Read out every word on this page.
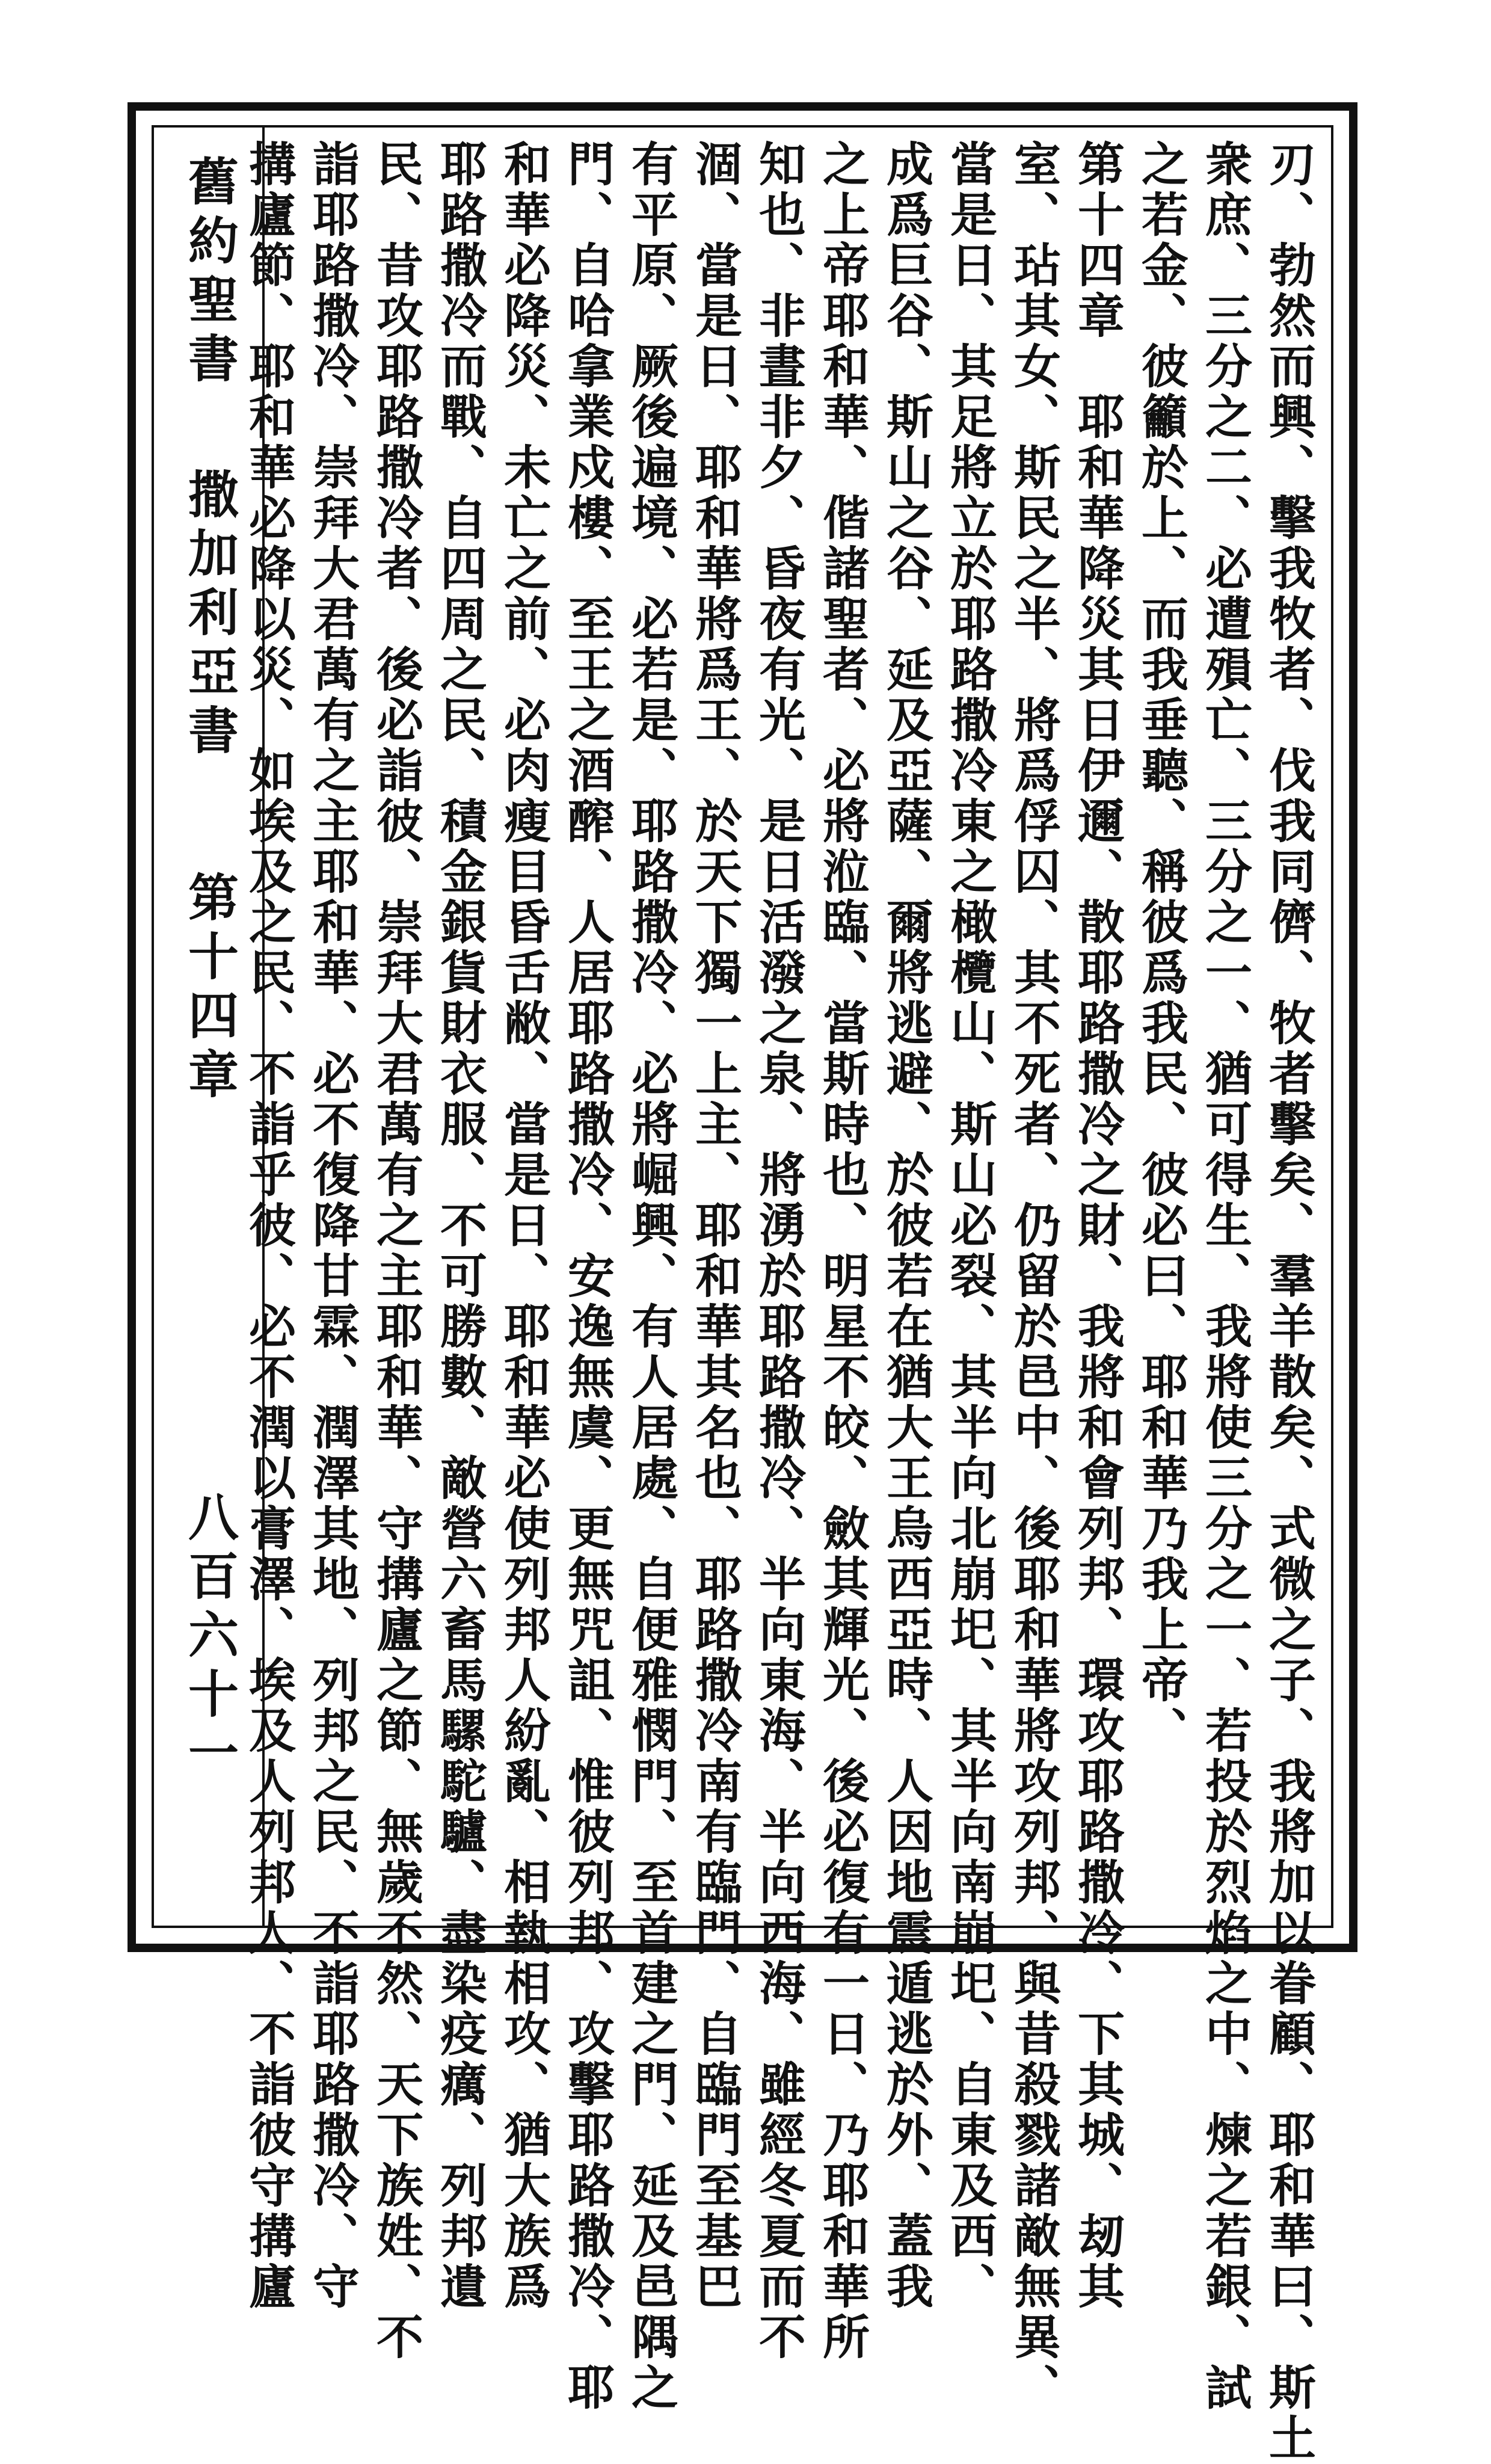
舊約聖書
撒加利亞書
第十四章
八百六十一	刃、勃然而興、擊我牧者、伐我同儕、牧者擊矣、羣羊散矣、式微之子、我將加以眷顧、耶和華曰、斯土
衆庶、三分之二、必遭殞亡、三分之一、猶可得生、我將使三分之一、若投於烈焰之中、煉之若銀、試
之若金、彼籲於上、而我垂聽、稱彼爲我民、彼必曰、耶和華乃我上帝、
第十四章　耶和華降災其日伊邇、散耶路撒冷之財、我將和會列邦、環攻耶路撒冷、下其城、刼其
室、玷其女、斯民之半、將爲俘囚、其不死者、仍留於邑中、後耶和華將攻列邦、與昔殺戮諸敵無異、
當是日、其足將立於耶路撒冷東之橄欖山、斯山必裂、其半向北崩圯、其半向南崩圯、自東及西、
成爲巨谷、斯山之谷、延及亞薩、爾將逃避、於彼若在猶大王烏西亞時、人因地震遁逃於外、蓋我
之上帝耶和華、偕諸聖者、必將涖臨、當斯時也、明星不皎、斂其輝光、後必復有一日、乃耶和華所
知也、非晝非夕、昏夜有光、是日活潑之泉、將湧於耶路撒冷、半向東海、半向西海、雖經冬夏而不
涸、當是日、耶和華將爲王、於天下獨一上主、耶和華其名也、耶路撒冷南有臨門、自臨門至基巴
有平原、厥後遍境、必若是、耶路撒冷、必將崛興、有人居處、自便雅憫門、至首建之門、延及邑隅之
門、自哈拿業戍樓、至王之酒醡、人居耶路撒冷、安逸無虞、更無咒詛、惟彼列邦、攻擊耶路撒冷、耶
和華必降災、未亡之前、必肉瘦目昏舌敝、當是日、耶和華必使列邦人紛亂、相執相攻、猶大族爲
耶路撒冷而戰、自四周之民、積金銀貨財衣服、不可勝數、敵營六畜馬騾駝驢、盡染疫癘、列邦遺
民、昔攻耶路撒冷者、後必詣彼、崇拜大君萬有之主耶和華、守搆廬之節、無歲不然、天下族姓、不
詣耶路撒冷、崇拜大君萬有之主耶和華、必不復降甘霖、潤澤其地、列邦之民、不詣耶路撒冷、守
搆廬節、耶和華必降以災、如埃及之民、不詣乎彼、必不潤以膏澤、埃及人列邦人、不詣彼守搆廬
